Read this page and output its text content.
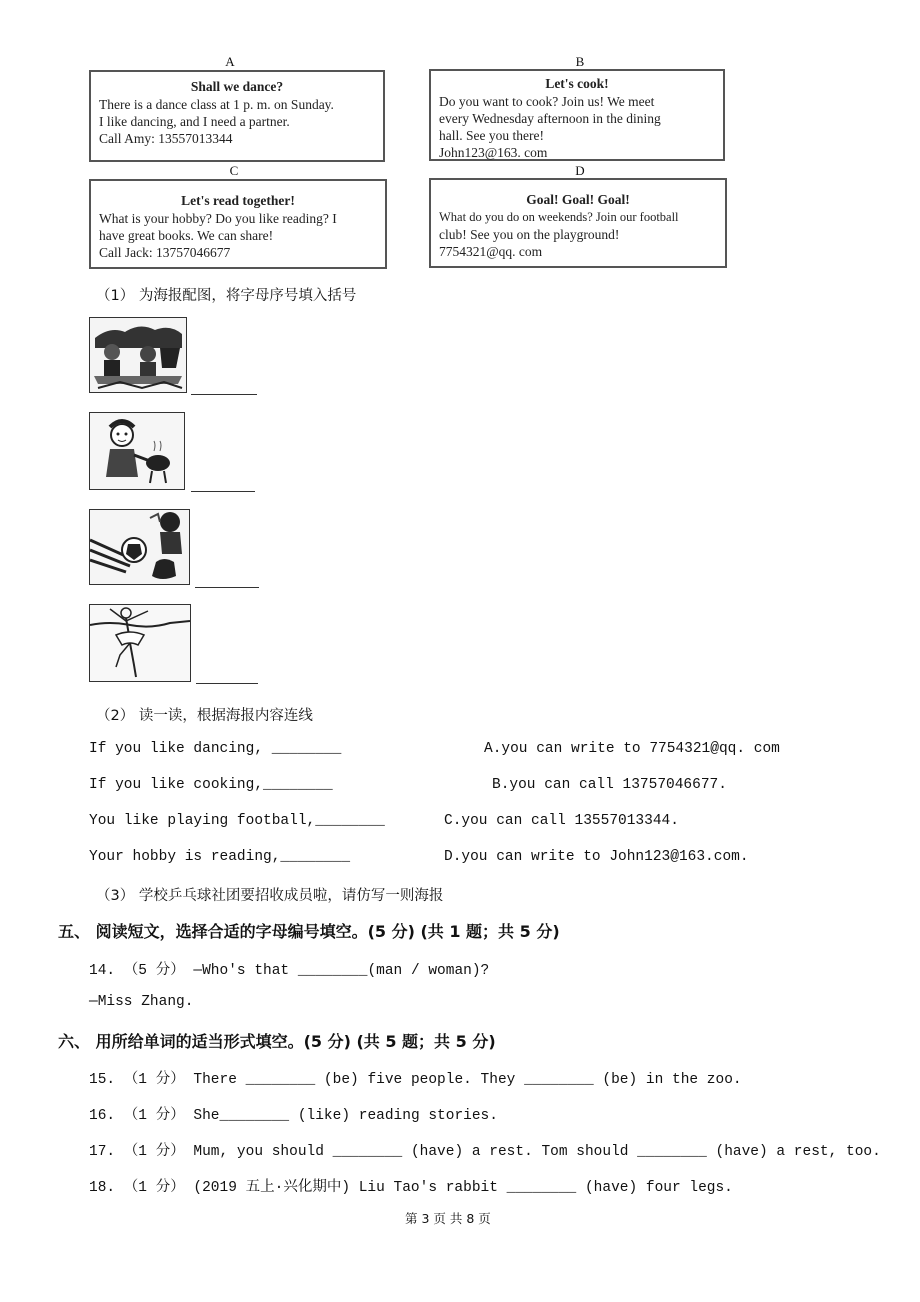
A	B
C	D
Shall we dance?
There is a dance class at 1 p. m. on Sunday.
I like dancing, and I need a partner.
Call Amy: 13557013344
Let's cook!
Do you want to cook? Join us! We meet
every Wednesday afternoon in the dining
hall. See you there!
John123@163. com
Let's read together!
What is your hobby? Do you like reading? I
have great books. We can share!
Call Jack: 13757046677
Goal! Goal! Goal!
What do you do on weekends? Join our football
club! See you on the playground!
7754321@qq. com
（1） 为海报配图，将字母序号填入括号
（2） 读一读，根据海报内容连线
If you like dancing, ________	A.you can write to 7754321@qq. com
If you like cooking,________	B.you can call 13757046677.
You like playing football,________	C.you can call 13557013344.
Your hobby is reading,________	D.you can write to John123@163.com.
（3） 学校乒乓球社团要招收成员啦，请仿写一则海报
五、 阅读短文，选择合适的字母编号填空。(5 分) (共 1 题；共 5 分)
14. （5 分） —Who's that ________(man / woman)?
—Miss Zhang.
六、 用所给单词的适当形式填空。(5 分) (共 5 题；共 5 分)
15. （1 分） There ________ (be) five people. They ________ (be) in the zoo.
16. （1 分） She________ (like) reading stories.
17. （1 分） Mum, you should ________ (have) a rest. Tom should ________ (have) a rest, too.
18. （1 分） (2019 五上·兴化期中) Liu Tao's rabbit ________ (have) four legs.
第 3 页 共 8 页
